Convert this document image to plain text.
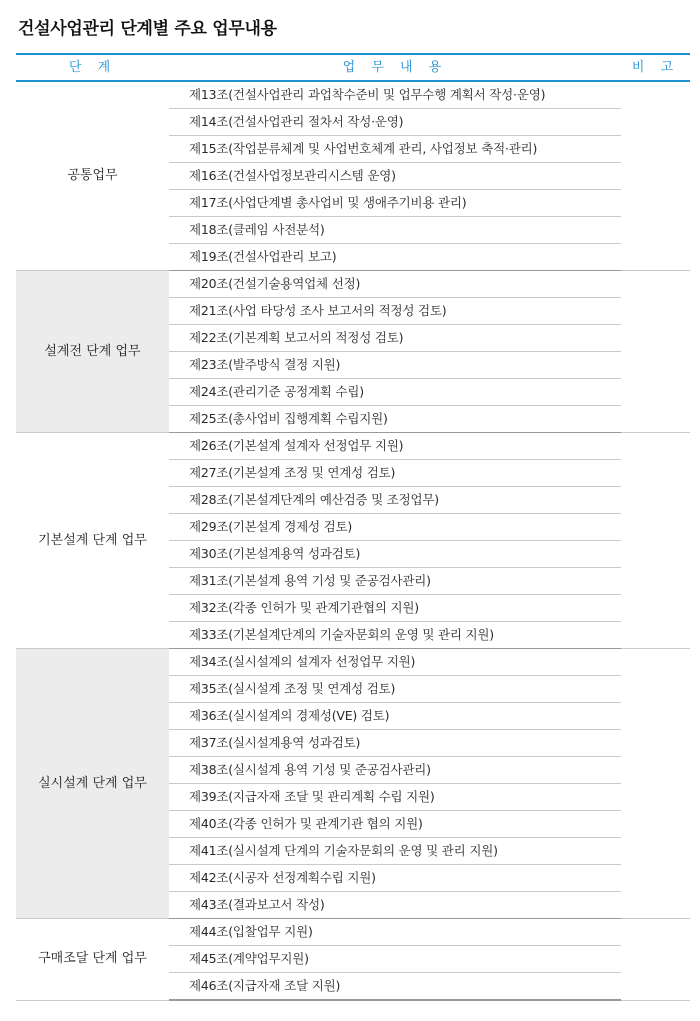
건설사업관리 단계별 주요 업무내용
단 계	업 무 내 용	비 고
공통업무	제13조(건설사업관리 과업착수준비 및 업무수행 계획서 작성·운영)	
	제14조(건설사업관리 절차서 작성·운영)	
	제15조(작업분류체계 및 사업번호체계 관리, 사업정보 축적·관리)	
	제16조(건설사업정보관리시스템 운영)	
	제17조(사업단계별 총사업비 및 생애주기비용 관리)	
	제18조(클레임 사전분석)	
	제19조(건설사업관리 보고)	
설계전 단계 업무	제20조(건설기술용역업체 선정)	
	제21조(사업 타당성 조사 보고서의 적정성 검토)	
	제22조(기본계획 보고서의 적정성 검토)	
	제23조(발주방식 결정 지원)	
	제24조(관리기준 공정계획 수립)	
	제25조(총사업비 집행계획 수립지원)	
기본설계 단계 업무	제26조(기본설계 설계자 선정업무 지원)	
	제27조(기본설계 조정 및 연계성 검토)	
	제28조(기본설계단계의 예산검증 및 조정업무)	
	제29조(기본설계 경제성 검토)	
	제30조(기본설계용역 성과검토)	
	제31조(기본설계 용역 기성 및 준공검사관리)	
	제32조(각종 인허가 및 관계기관협의 지원)	
	제33조(기본설계단계의 기술자문회의 운영 및 관리 지원)	
실시설계 단계 업무	제34조(실시설계의 설계자 선정업무 지원)	
	제35조(실시설계 조정 및 연계성 검토)	
	제36조(실시설계의 경제성(VE) 검토)	
	제37조(실시설계용역 성과검토)	
	제38조(실시설계 용역 기성 및 준공검사관리)	
	제39조(지급자재 조달 및 관리계획 수립 지원)	
	제40조(각종 인허가 및 관계기관 협의 지원)	
	제41조(실시설계 단계의 기술자문회의 운영 및 관리 지원)	
	제42조(시공자 선정계획수립 지원)	
	제43조(결과보고서 작성)	
구매조달 단계 업무	제44조(입찰업무 지원)	
	제45조(계약업무지원)	
	제46조(지급자재 조달 지원)	
